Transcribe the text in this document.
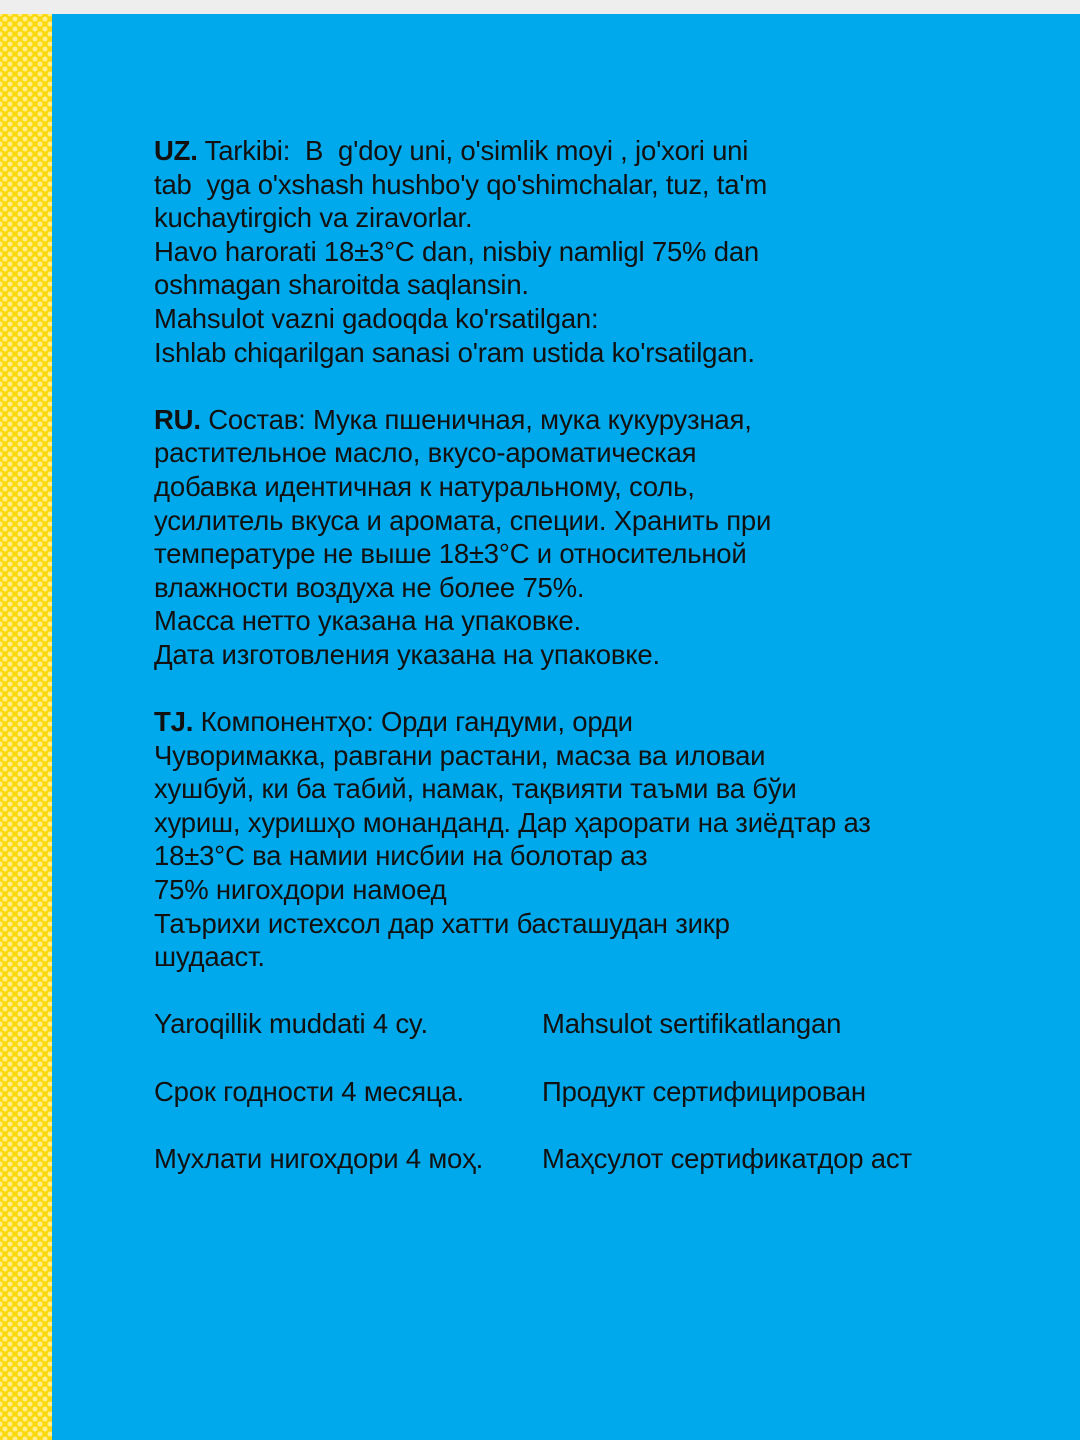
UZ. Tarkibi:  B  g'doy uni, o'simlik moyi , jo'xori uni
tab  yga o'xshash hushbo'y qo'shimchalar, tuz, ta'm
kuchaytirgich va ziravorlar.
Havo harorati 18±3°C dan, nisbiy namligl 75% dan
oshmagan sharoitda saqlansin.
Mahsulot vazni gadoqda ko'rsatilgan:
Ishlab chiqarilgan sanasi o'ram ustida ko'rsatilgan.
RU. Состав: Мука пшеничная, мука кукурузная,
растительное масло, вкусо-ароматическая
добавка идентичная к натуральному, соль,
усилитель вкуса и аромата, специи. Хранить при
температуре не выше 18±3°C и относительной
влажности воздуха не более 75%.
Масса нетто указана на упаковке.
Дата изготовления указана на упаковке.
TJ. Компонентҳо: Орди гандуми, орди
Чуворимакка, равгани растани, масза ва иловаи
хушбуй, ки ба табий, намак, тақвияти таъми ва бўи
хуриш, хуришҳо монанданд. Дар ҳарорати на зиёдтар аз
18±3°С ва намии нисбии на болотар аз
75% нигохдори намоед
Таърихи истехсол дар хатти басташудан зикр
шудааст.
Yaroqillik muddati 4 cy.	Mahsulot sertifikatlangan
Срок годности 4 месяца.	Продукт сертифицирован
Мухлати нигохдори 4 моҳ.	Маҳсулот сертификатдор аст
